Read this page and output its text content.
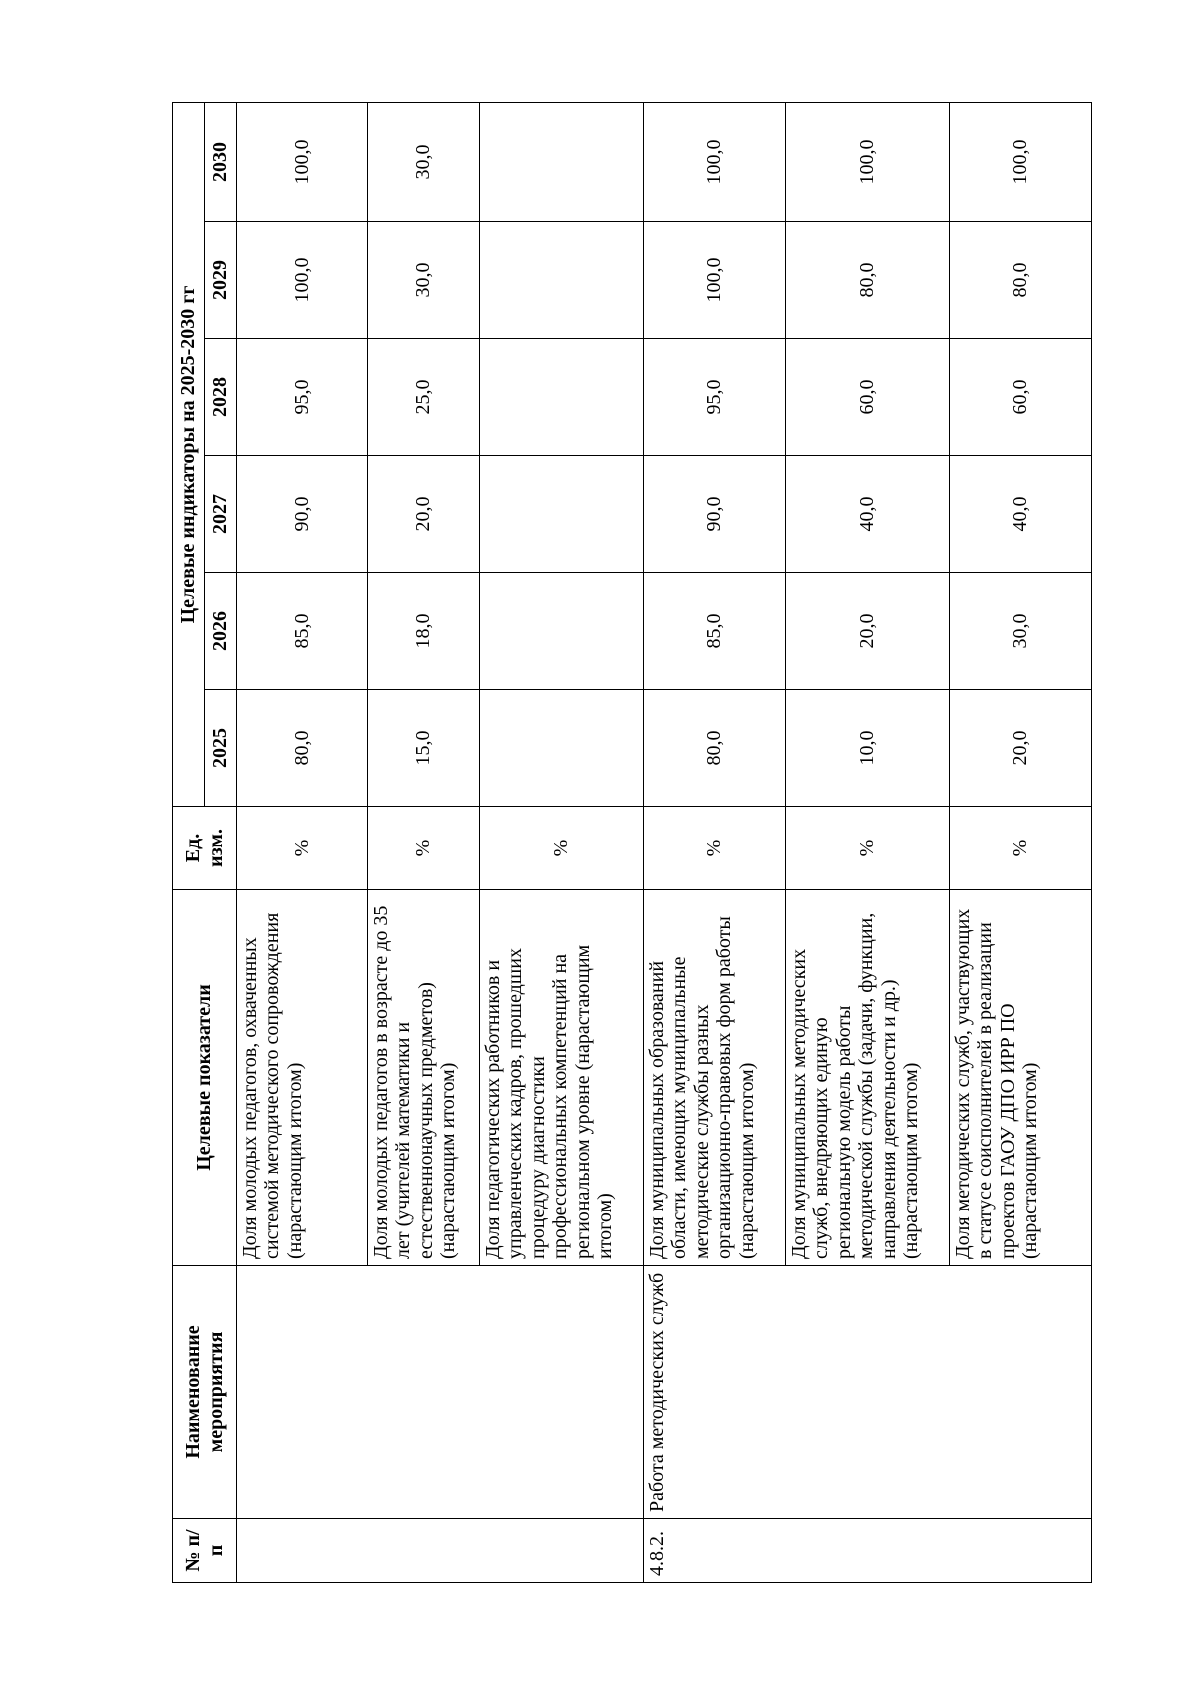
№ п/п	Наименование мероприятия	Целевые показатели	Ед. изм.	Целевые индикаторы на 2025-2030 гг					
				2025	2026	2027	2028	2029	2030
		Доля молодых педагогов, охваченных системой методического сопровождения (нарастающим итогом)	%	80,0	85,0	90,0	95,0	100,0	100,0
		Доля молодых педагогов в возрасте до 35 лет (учителей математики и естественнонаучных предметов) (нарастающим итогом)	%	15,0	18,0	20,0	25,0	30,0	30,0
		Доля педагогических работников и управленческих кадров, прошедших процедуру диагностики профессиональных компетенций на региональном уровне (нарастающим итогом)	%						
4.8.2.	Работа методических служб	Доля муниципальных образований области, имеющих муниципальные методические службы разных организационно-правовых форм работы (нарастающим итогом)	%	80,0	85,0	90,0	95,0	100,0	100,0
		Доля муниципальных методических служб, внедряющих единую региональную модель работы методической службы (задачи, функции, направления деятельности и др.) (нарастающим итогом)	%	10,0	20,0	40,0	60,0	80,0	100,0
		Доля методических служб, участвующих в статусе соисполнителей в реализации проектов ГАОУ ДПО ИРР ПО (нарастающим итогом)	%	20,0	30,0	40,0	60,0	80,0	100,0
